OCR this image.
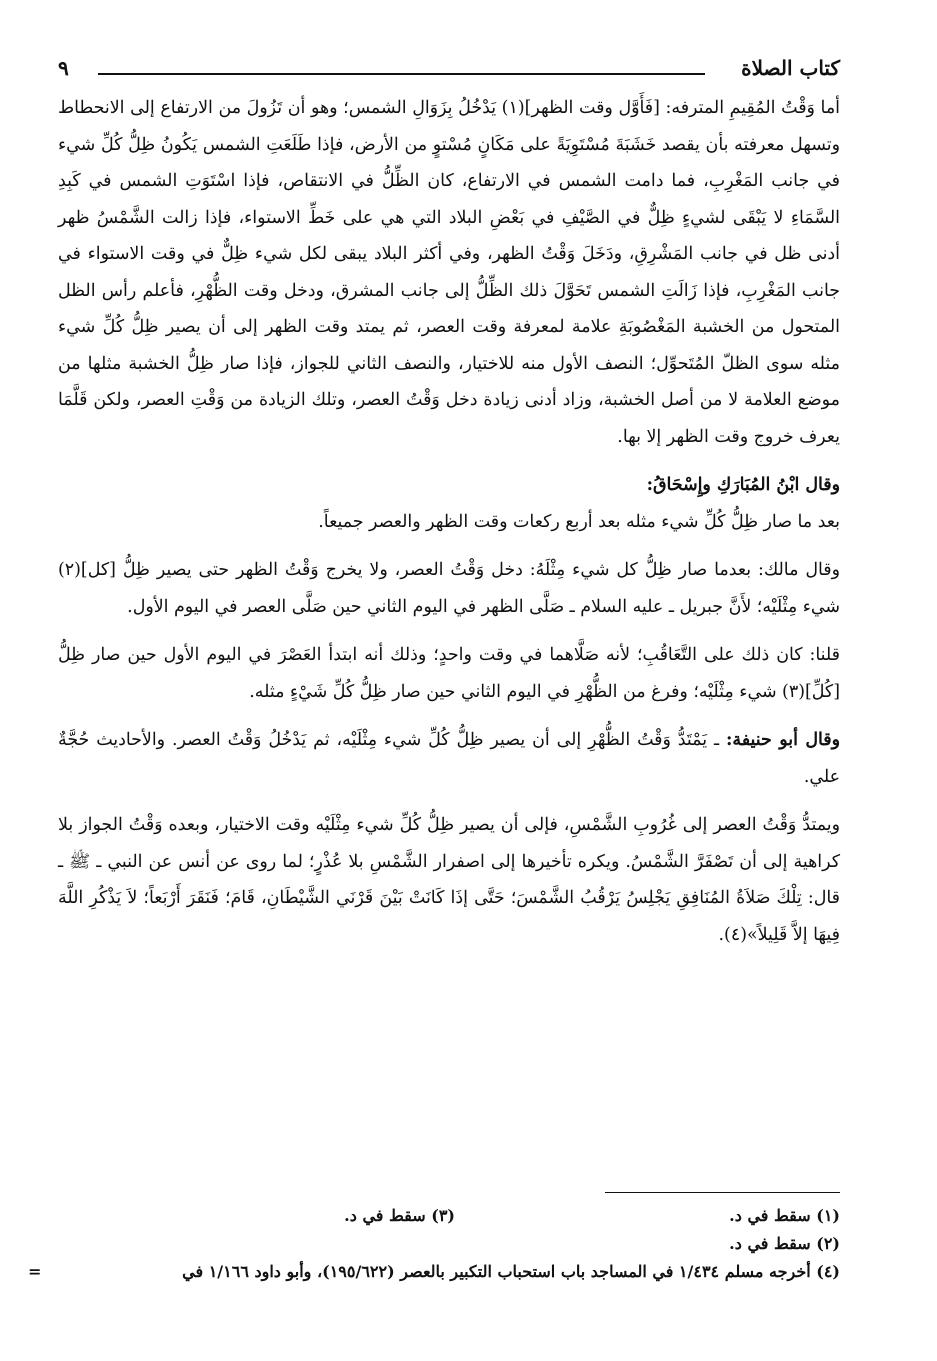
كتاب الصلاة
٩

أما وَقْتُ المُقِيمِ المترفه: [فَأَوَّل وقت الظهر](١) يَدْخُلُ بِزَوَالِ الشمس؛ وهو أن تَزُولَ من الارتفاع إلى الانحطاط وتسهل معرفته بأن يقصد خَشَبَةَ مُسْتَوِيَةً على مَكَانٍ مُسْتوٍ من الأرض، فإذا طَلَعَتِ الشمس يَكُونُ ظِلُّ كُلِّ شيء في جانب المَغْرِبِ، فما دامت الشمس في الارتفاع، كان الظِّلُّ في الانتقاص، فإذا اسْتَوَتِ الشمس في كَبِدِ السَّمَاءِ لا يَبْقَى لشيءٍ ظِلٌّ في الصَّيْفِ في بَعْضِ البلاد التي هي على خَطِّ الاستواء، فإذا زالت الشَّمْسُ ظهر أدنى ظل في جانب المَشْرِقِ، ودَخَلَ وَقْتُ الظهر، وفي أكثر البلاد يبقى لكل شيء ظِلٌّ في وقت الاستواء في جانب المَغْرِبِ، فإذا زَالَتِ الشمس تَحَوَّلَ ذلك الظِّلُّ إلى جانب المشرق، ودخل وقت الظُّهْرِ، فأعلم رأس الظل المتحول من الخشبة المَغْصُوبَةِ علامة لمعرفة وقت العصر، ثم يمتد وقت الظهر إلى أن يصير ظِلُّ كُلِّ شيء مثله سوى الظلّ المُتَحوِّل؛ النصف الأول منه للاختيار، والنصف الثاني للجواز، فإذا صار ظِلُّ الخشبة مثلها من موضع العلامة لا من أصل الخشبة، وزاد أدنى زيادة دخل وَقْتُ العصر، وتلك الزيادة من وَقْتِ العصر، ولكن قَلَّمَا يعرف خروج وقت الظهر إلا بها.

وقال ابْنُ المُبَارَكِ وإِسْحَاقُ:

بعد ما صار ظِلُّ كُلِّ شيء مثله بعد أربع ركعات وقت الظهر والعصر جميعاً.

وقال مالك: بعدما صار ظِلُّ كل شيء مِثْلَهُ: دخل وَقْتُ العصر، ولا يخرج وَقْتُ الظهر حتى يصير ظِلُّ [كل](٢) شيء مِثْلَيْه؛ لأَنَّ جبريل ـ عليه السلام ـ صَلَّى الظهر في اليوم الثاني حين صَلَّى العصر في اليوم الأول.

قلنا: كان ذلك على التَّعَاقُبِ؛ لأنه صَلَّاهما في وقت واحدٍ؛ وذلك أنه ابتدأ العَصْرَ في اليوم الأول حين صار ظِلُّ [كُلِّ](٣) شيء مِثْلَيْه؛ وفرغ من الظُّهْرِ في اليوم الثاني حين صار ظِلُّ كُلِّ شَيْءٍ مثله.

وقال أبو حنيفة: ـ يَمْتَدُّ وَقْتُ الظُّهْرِ إلى أن يصير ظِلُّ كُلِّ شيء مِثْلَيْه، ثم يَدْخُلُ وَقْتُ العصر. والأحاديث حُجَّةٌ علي.

ويمتدُّ وَقْتُ العصر إلى غُرُوبِ الشَّمْسِ، فإلى أن يصير ظِلُّ كُلِّ شيء مِثْلَيْه وقت الاختيار، وبعده وَقْتُ الجواز بلا كراهية إلى أن تَصْفَرَّ الشَّمْسُ. ويكره تأخيرها إلى اصفرار الشَّمْسِ بلا عُذْرٍ؛ لما روى عن أنس عن النبي ـ ﷺ ـ قال: تِلْكَ صَلاَةُ المُنَافِقِ يَجْلِسُ يَرْقُبُ الشَّمْسَ؛ حَتَّى إذَا كَانَتْ بَيْنَ قَرْنَي الشَّيْطَانِ، قَامَ؛ فَنَقَرَ أَرْبَعاً؛ لاَ يَذْكُرِ اللَّهَ فِيهَا إلاَّ قَلِيلاً»(٤).

(١) سقط في د.
(٣) سقط في د.
(٢) سقط في د.
(٤) أخرجه مسلم ١/٤٣٤ في المساجد باب استحباب التكبير بالعصر (١٩٥/٦٢٢)، وأبو داود ١/١٦٦ في
=
